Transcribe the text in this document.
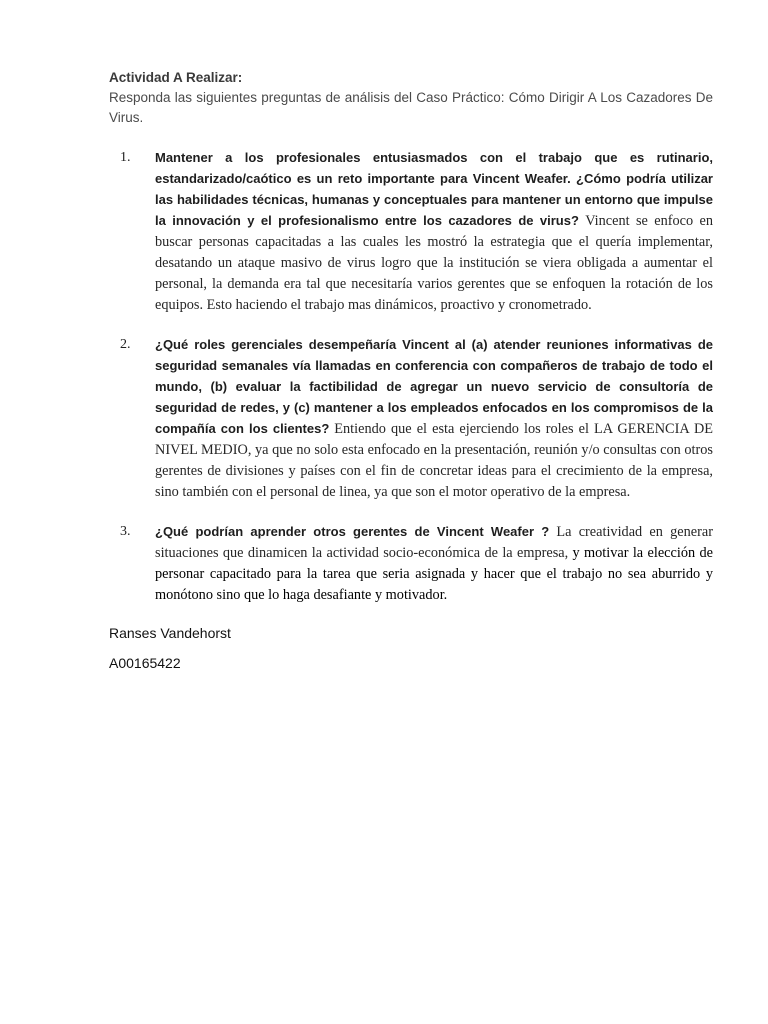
Actividad A Realizar:

Responda las siguientes preguntas de análisis del Caso Práctico: Cómo Dirigir A Los Cazadores De Virus.

1. Mantener a los profesionales entusiasmados con el trabajo que es rutinario, estandarizado/caótico es un reto importante para Vincent Weafer. ¿Cómo podría utilizar las habilidades técnicas, humanas y conceptuales para mantener un entorno que impulse la innovación y el profesionalismo entre los cazadores de virus? Vincent se enfoco en buscar personas capacitadas a las cuales les mostró la estrategia que el quería implementar, desatando un ataque masivo de virus logro que la institución se viera obligada a aumentar el personal, la demanda era tal que necesitaría varios gerentes que se enfoquen la rotación de los equipos. Esto haciendo el trabajo mas dinámicos, proactivo y cronometrado.

2. ¿Qué roles gerenciales desempeñaría Vincent al (a) atender reuniones informativas de seguridad semanales vía llamadas en conferencia con compañeros de trabajo de todo el mundo, (b) evaluar la factibilidad de agregar un nuevo servicio de consultoría de seguridad de redes, y (c) mantener a los empleados enfocados en los compromisos de la compañía con los clientes? Entiendo que el esta ejerciendo los roles el LA GERENCIA DE NIVEL MEDIO, ya que no solo esta enfocado en la presentación, reunión y/o consultas con otros gerentes de divisiones y países con el fin de concretar ideas para el crecimiento de la empresa, sino también con el personal de linea, ya que son el motor operativo de la empresa.

3. ¿Qué podrían aprender otros gerentes de Vincent Weafer ? La creatividad en generar situaciones que dinamicen la actividad socio-económica de la empresa, y motivar la elección de personar capacitado para la tarea que seria asignada y hacer que el trabajo no sea aburrido y monótono sino que lo haga desafiante y motivador.

Ranses Vandehorst

A00165422
